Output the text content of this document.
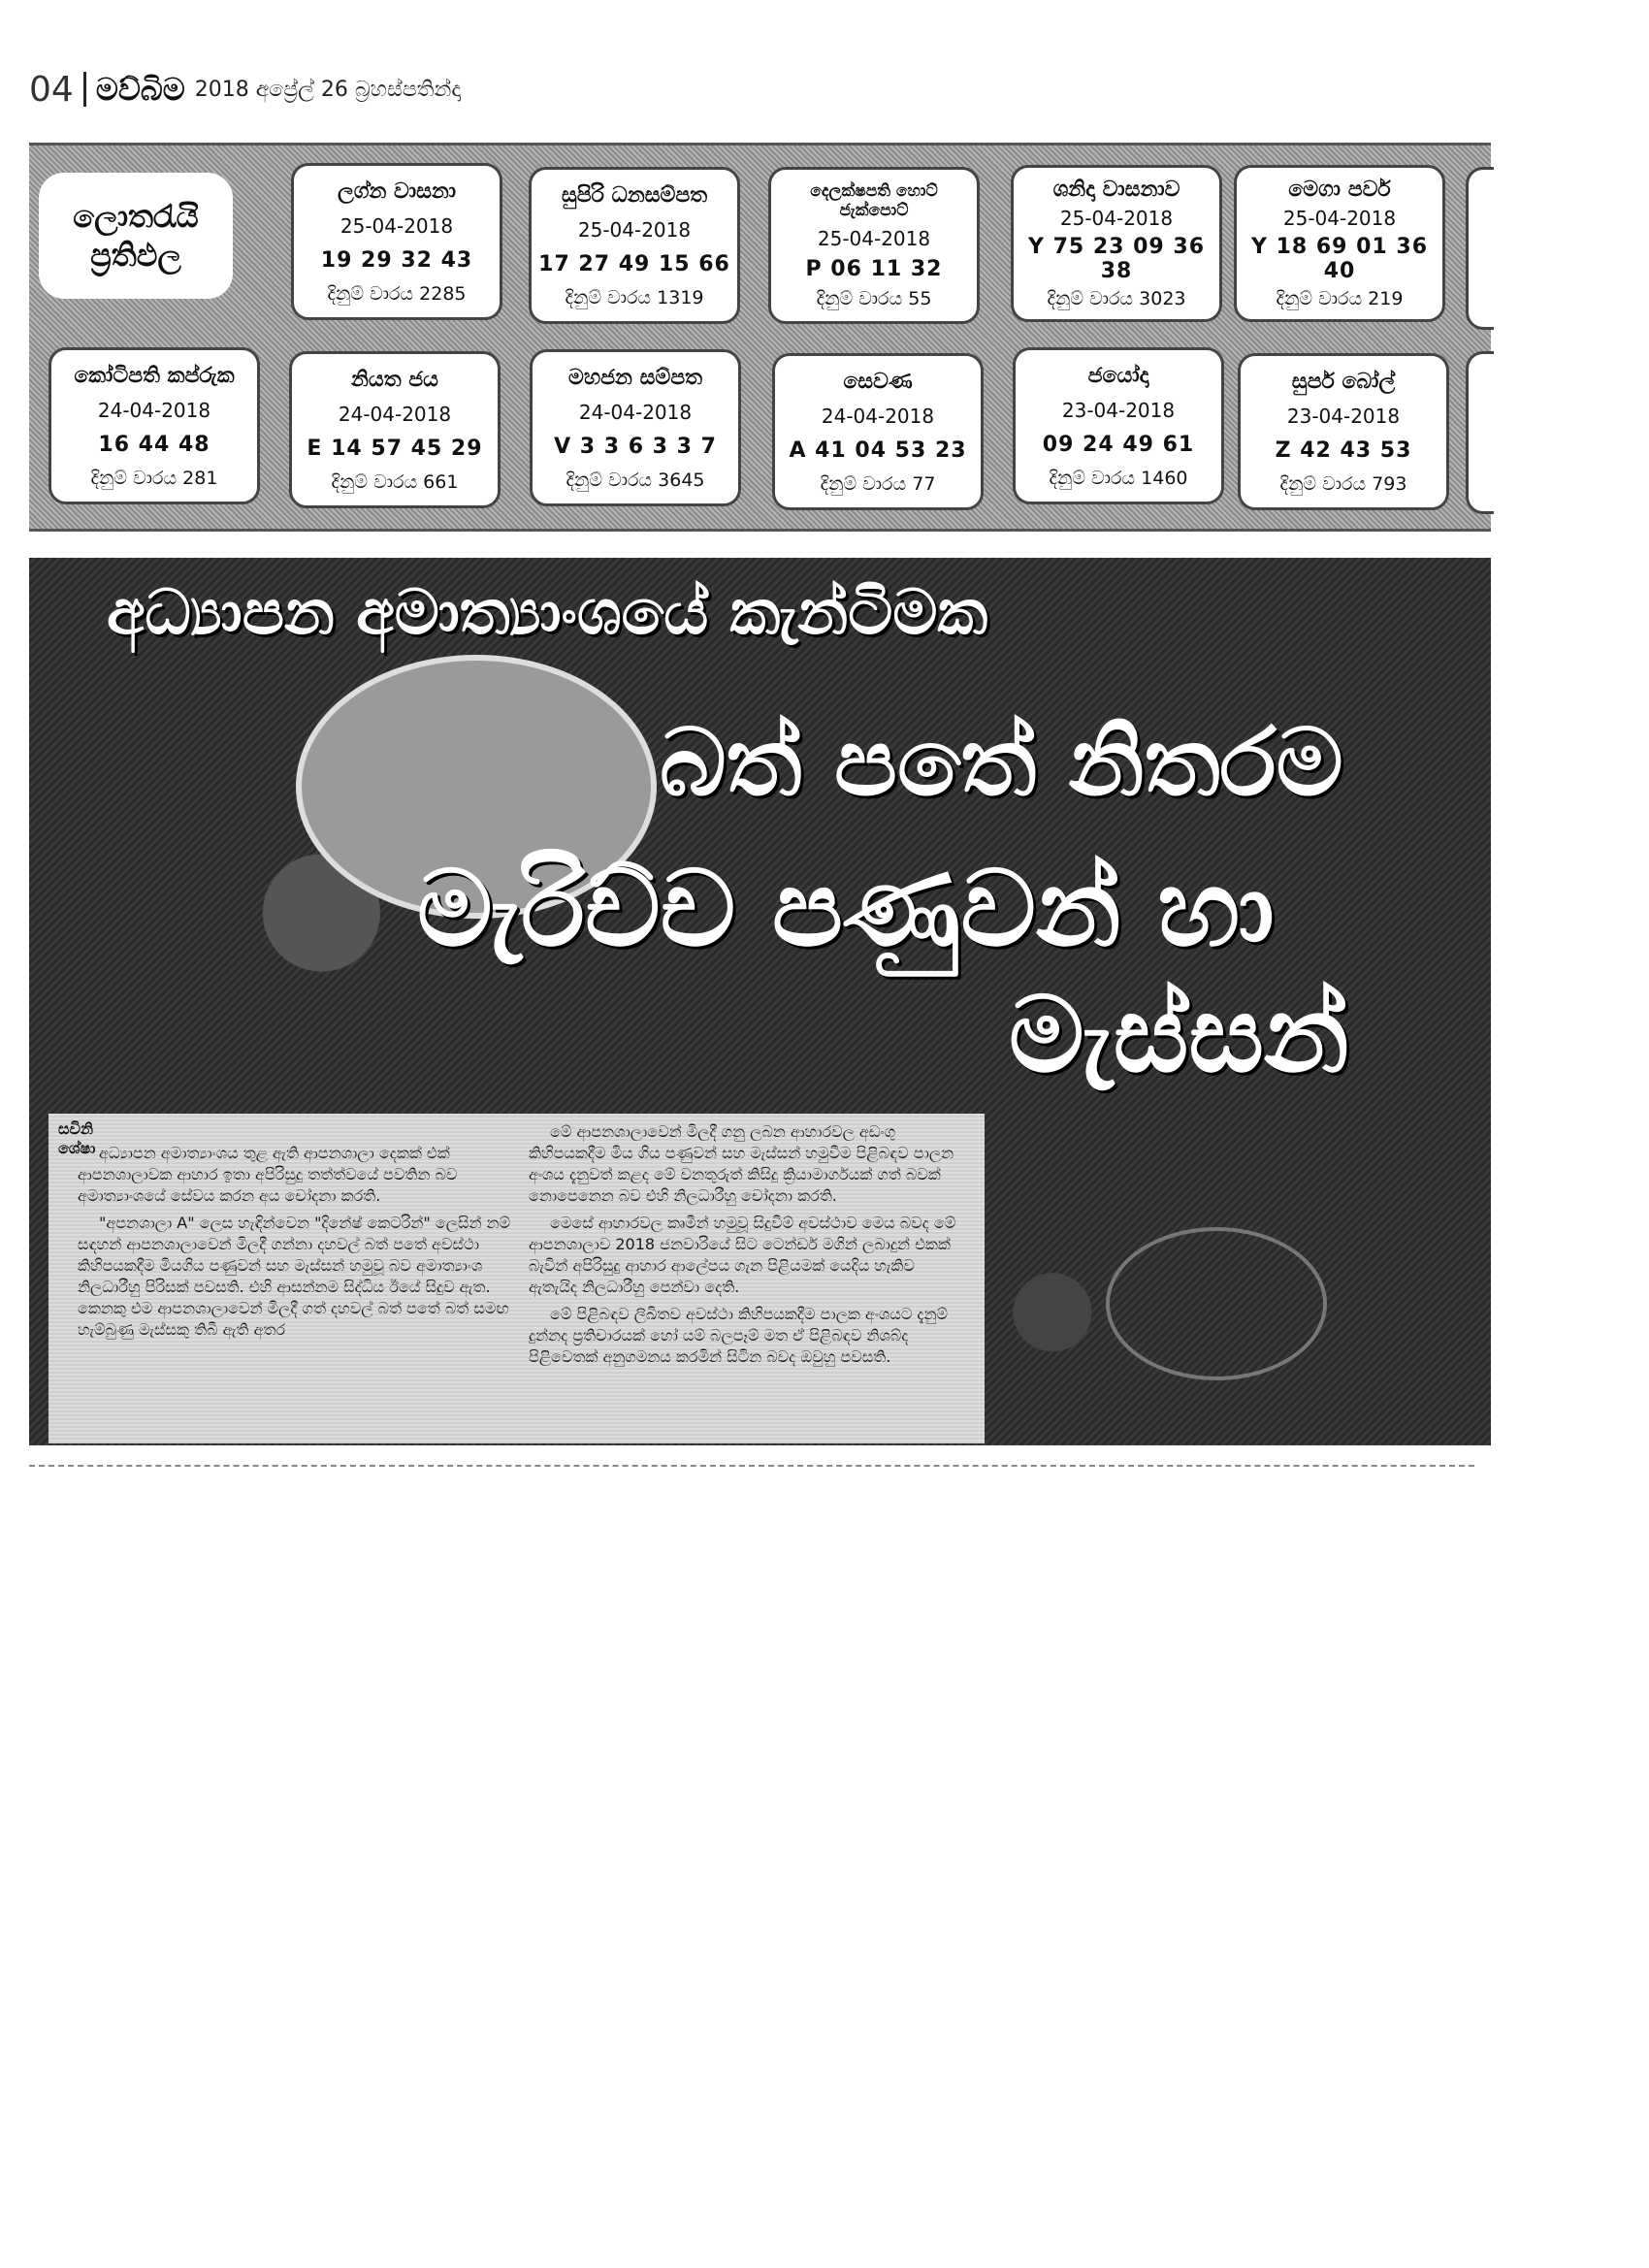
04 මව්බිම 2018 අප්‍රේල් 26 බ්‍රහස්පතින්දා
ලොතරැයි
ප්‍රතිඵල
ලග්න වාසනා
25-04-2018
19 29 32 43
දිනුම් වාරය 2285
සුපිරි ධනසම්පත
25-04-2018
17 27 49 15 66
දිනුම් වාරය 1319
දෙලක්ෂපති හොට් ජැක්පොට්
25-04-2018
P 06 11 32
දිනුම් වාරය 55
ශනිදා වාසනාව
25-04-2018
Y 75 23 09 36 38
දිනුම් වාරය 3023
මෙගා පවර්
25-04-2018
Y 18 69 01 36 40
දිනුම් වාරය 219
කෝටිපති කප්රුක
24-04-2018
16 44 48
දිනුම් වාරය 281
නියත ජය
24-04-2018
E 14 57 45 29
දිනුම් වාරය 661
මහජන සම්පත
24-04-2018
V 3 3 6 3 3 7
දිනුම් වාරය 3645
සෙවණ
24-04-2018
A 41 04 53 23
දිනුම් වාරය 77
ජයෝදා
23-04-2018
09 24 49 61
දිනුම් වාරය 1460
සුපර් බෝල්
23-04-2018
Z 42 43 53
දිනුම් වාරය 793
අධ්‍යාපන අමාත්‍යාංශයේ කැන්ටිමක
බත් පතේ නිතරම
මැරිච්ච පණුවන් හා
මැස්සන්
සවිනි ශේෂා අධ්‍යාපන අමාත්‍යාංශය තුළ ඇති ආපනශාලා දෙකක් එක් ආපනශාලාවක ආහාර ඉතා අපිරිසුදු තත්ත්වයේ පවතින බව අමාත්‍යාංශයේ සේවය කරන අය චෝදනා කරති.

"අපනශාලා A" ලෙස හැඳින්වෙන "දිනේෂ් කෙටරින්" ලෙසින් නම් සඳහන් ආපනශාලාවෙන් මිලදී ගන්නා දහවල් බත් පතේ අවස්ථා කිහිපයකදීම මියගිය පණුවන් සහ මැස්සන් හමුවූ බව අමාත්‍යාංශ නිලධාරීහු පිරිසක් පවසති. එහි ආසන්නම සිද්ධිය ඊයේ සිදුව ඇත. කෙනකු එම ආපනශාලාවෙන් මිලදී ගත් දහවල් බත් පතේ බත් සමඟ හැම්බුණු මැස්සකු තිබී ඇති අතර

මේ ආපනශාලාවෙන් මිලදී ගනු ලබන ආහාරවල අඩංගු කිහිපයකදීම මිය ගිය පණුවන් සහ මැස්සන් හමුවීම පිළිබඳව පාලන අංශය දැනුවත් කළද මේ වනතුරුත් කිසිදු ක්‍රියාමාර්ගයක් ගත් බවක් නොපෙනෙන බව එහි නිලධාරීහු චෝදනා කරති.

මෙසේ ආහාරවල කෘමීන් හමුවූ සිදුවීම් අවස්ථාව මෙය බවද මේ ආපනශාලාව 2018 ජනවාරියේ සිට ටෙන්ඩර් මගින් ලබාදුන් එකක් බැවින් අපිරිසුදු ආහාර ආලේපය ගැන පිළියමක් යෙදිය හැකිව ඇතැයිද නිලධාරීහු පෙන්වා දෙති.

මේ පිළිබඳව ලිඛිතව අවස්ථා කිහිපයකදීම පාලක අංශයට දැනුම් දුන්නද ප්‍රතිචාරයක් හෝ යම් බලපෑම් මත ඒ පිළිබඳව නිශබ්ද පිළිවෙතක් අනුගමනය කරමින් සිටින බවද ඔවුහු පවසති.
